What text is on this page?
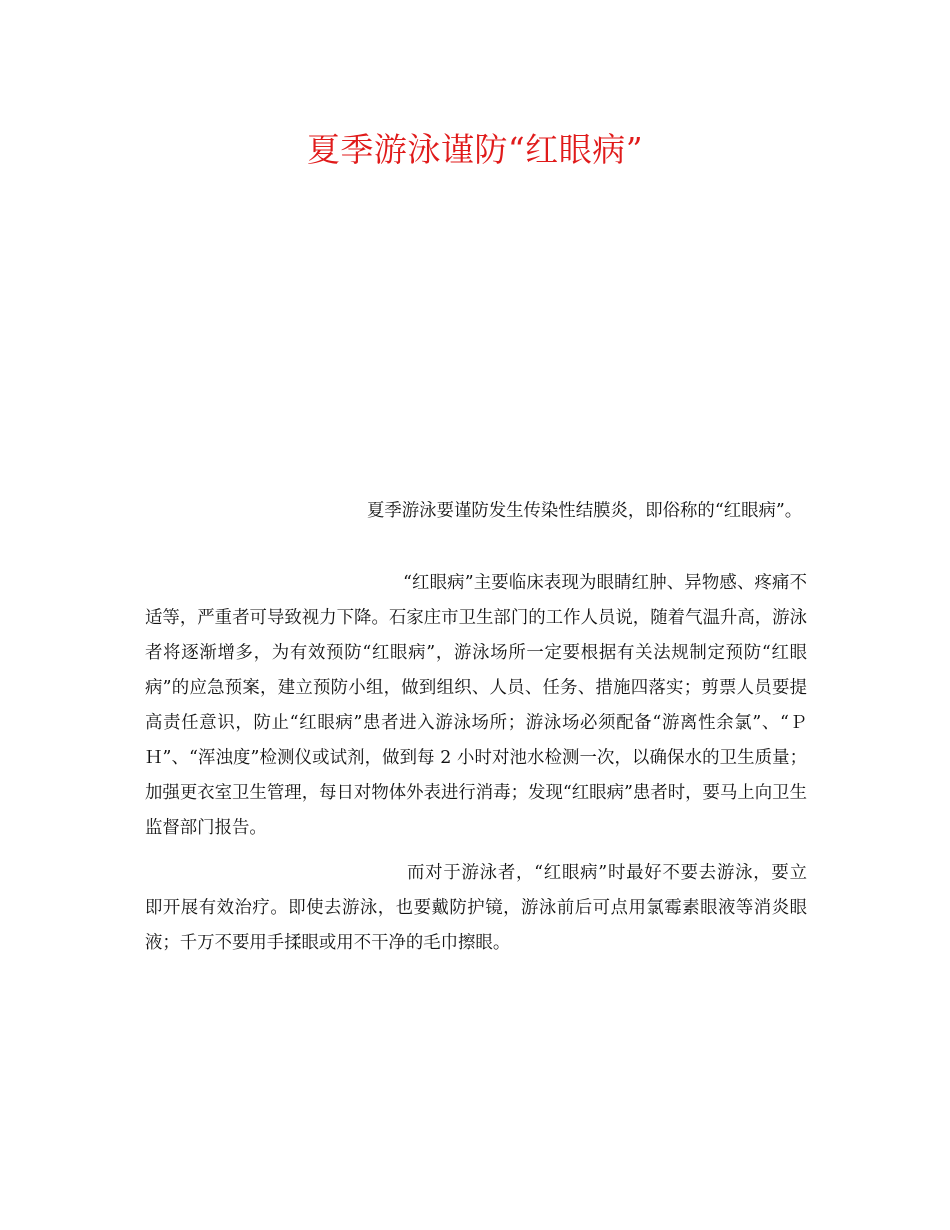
夏季游泳谨防“红眼病”

夏季游泳要谨防发生传染性结膜炎，即俗称的“红眼病”。

“红眼病”主要临床表现为眼睛红肿、异物感、疼痛不适等，严重者可导致视力下降。石家庄市卫生部门的工作人员说，随着气温升高，游泳者将逐渐增多，为有效预防“红眼病”，游泳场所一定要根据有关法规制定预防“红眼病”的应急预案，建立预防小组，做到组织、人员、任务、措施四落实；剪票人员要提高责任意识，防止“红眼病”患者进入游泳场所；游泳场必须配备“游离性余氯”、“ＰＨ”、“浑浊度”检测仪或试剂，做到每 2 小时对池水检测一次，以确保水的卫生质量；加强更衣室卫生管理，每日对物体外表进行消毒；发现“红眼病”患者时，要马上向卫生监督部门报告。

而对于游泳者，“红眼病”时最好不要去游泳，要立即开展有效治疗。即使去游泳，也要戴防护镜，游泳前后可点用氯霉素眼液等消炎眼液；千万不要用手揉眼或用不干净的毛巾擦眼。
